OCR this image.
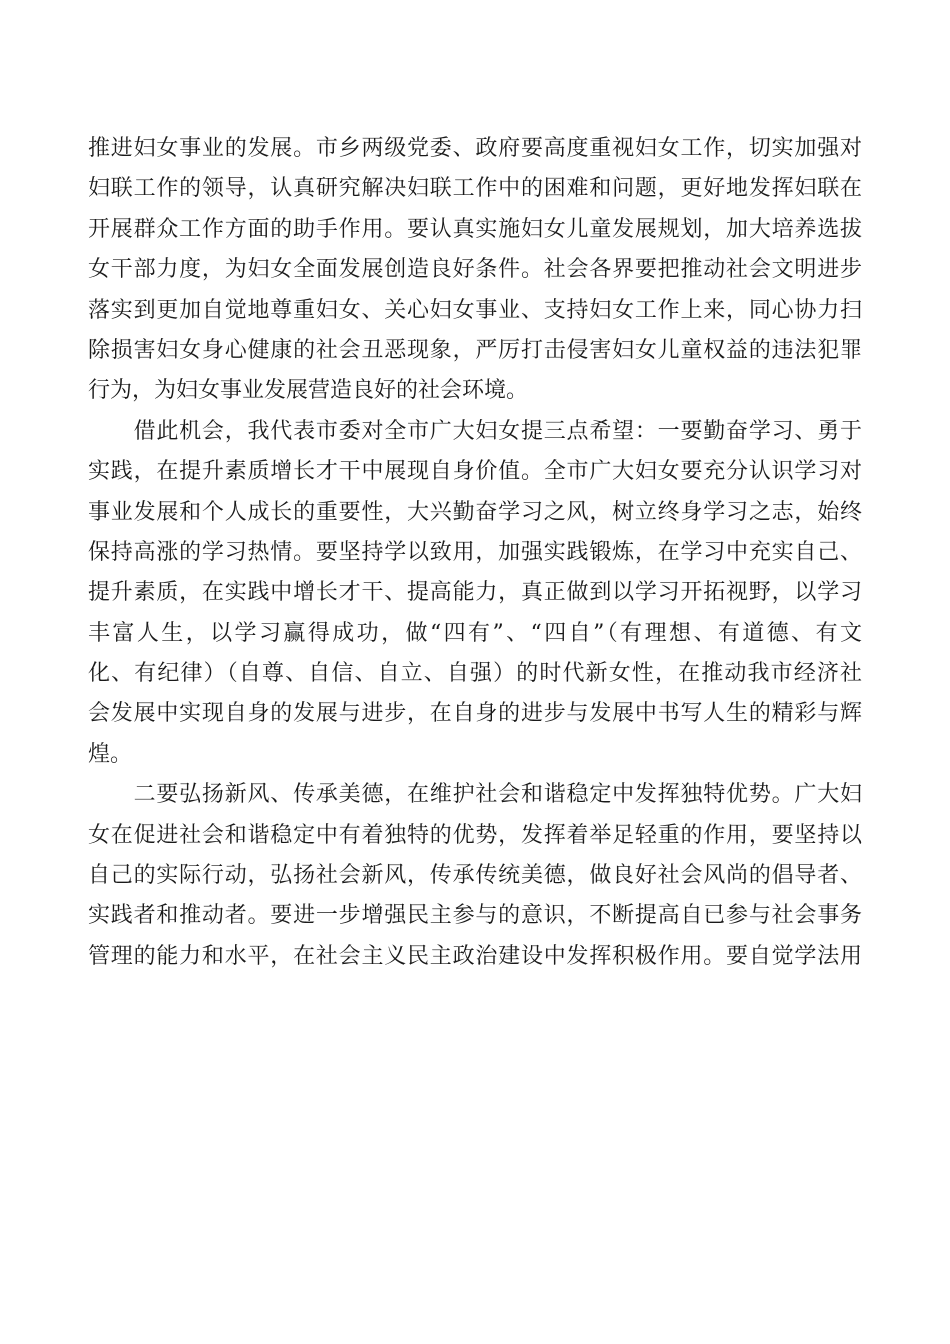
推进妇女事业的发展。市乡两级党委、政府要高度重视妇女工作，切实加强对
妇联工作的领导，认真研究解决妇联工作中的困难和问题，更好地发挥妇联在
开展群众工作方面的助手作用。要认真实施妇女儿童发展规划，加大培养选拔
女干部力度，为妇女全面发展创造良好条件。社会各界要把推动社会文明进步
落实到更加自觉地尊重妇女、关心妇女事业、支持妇女工作上来，同心协力扫
除损害妇女身心健康的社会丑恶现象，严厉打击侵害妇女儿童权益的违法犯罪
行为，为妇女事业发展营造良好的社会环境。
　　借此机会，我代表市委对全市广大妇女提三点希望：一要勤奋学习、勇于
实践，在提升素质增长才干中展现自身价值。全市广大妇女要充分认识学习对
事业发展和个人成长的重要性，大兴勤奋学习之风，树立终身学习之志，始终
保持高涨的学习热情。要坚持学以致用，加强实践锻炼，在学习中充实自己、
提升素质，在实践中增长才干、提高能力，真正做到以学习开拓视野，以学习
丰富人生，以学习赢得成功，做“四有”、“四自”（有理想、有道德、有文
化、有纪律）（自尊、自信、自立、自强）的时代新女性，在推动我市经济社
会发展中实现自身的发展与进步，在自身的进步与发展中书写人生的精彩与辉
煌。
　　二要弘扬新风、传承美德，在维护社会和谐稳定中发挥独特优势。广大妇
女在促进社会和谐稳定中有着独特的优势，发挥着举足轻重的作用，要坚持以
自己的实际行动，弘扬社会新风，传承传统美德，做良好社会风尚的倡导者、
实践者和推动者。要进一步增强民主参与的意识，不断提高自已参与社会事务
管理的能力和水平，在社会主义民主政治建设中发挥积极作用。要自觉学法用
